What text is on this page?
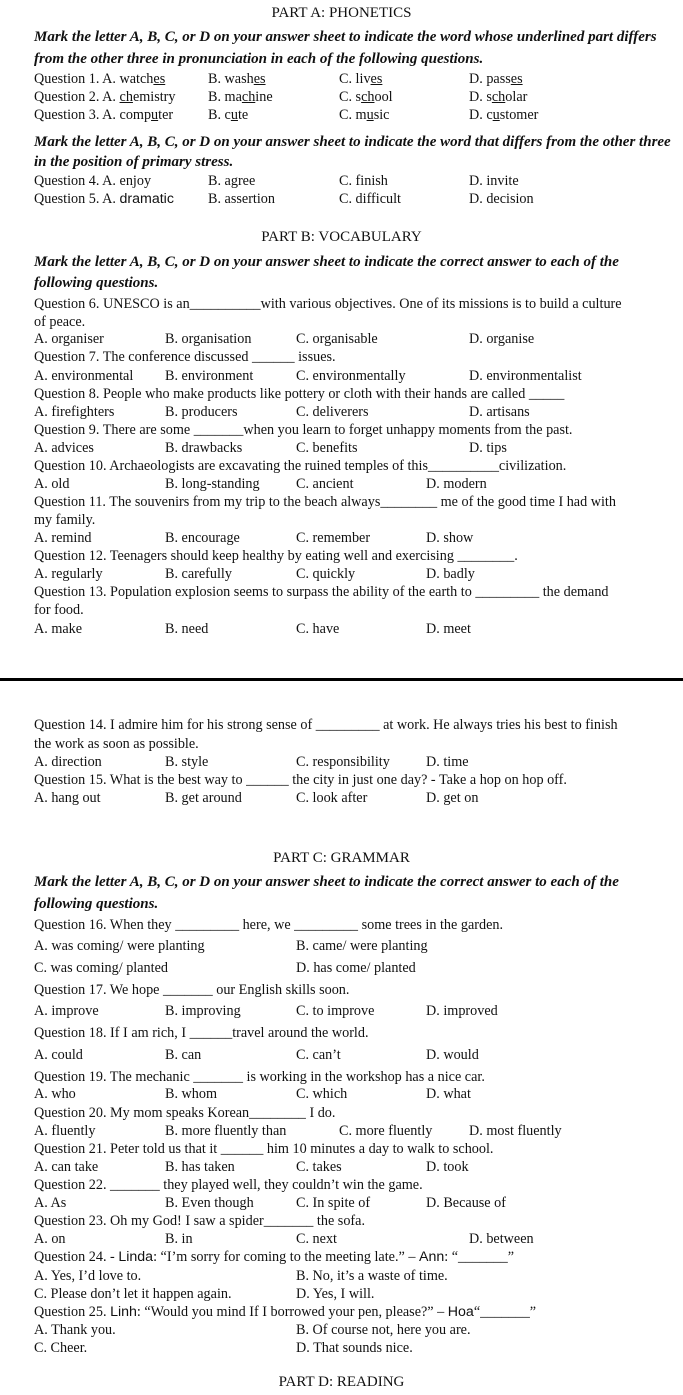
PART A: PHONETICS
Mark the letter A, B, C, or D on your answer sheet to indicate the word whose underlined part differs
from the other three in pronunciation in each of the following questions.
Question 1. A. watches	B. washes	C. lives	D. passes
Question 2. A. chemistry B. machine	C. school	D. scholar
Question 3. A. computer B. cute	C. music	D. customer
Mark the letter A, B, C, or D on your answer sheet to indicate the word that differs from the other three
in the position of primary stress.
Question 4. A. enjoy	B. agree	C. finish	D. invite
Question 5. A. dramatic B. assertion	C. difficult	D. decision
PART B: VOCABULARY
Mark the letter A, B, C, or D on your answer sheet to indicate the correct answer to each of the
following questions.
Question 6. UNESCO is an__________with various objectives. One of its missions is to build a culture
of peace.
A. organiser	B. organisation	C. organisable	D. organise
Question 7. The conference discussed ______ issues.
A. environmental B. environment	C. environmentally	D. environmentalist
Question 8. People who make products like pottery or cloth with their hands are called _____
A. firefighters	B. producers	C. deliverers	D. artisans
Question 9. There are some _______when you learn to forget unhappy moments from the past.
A. advices	B. drawbacks	C. benefits	D. tips
Question 10. Archaeologists are excavating the ruined temples of this__________civilization.
A. old	B. long-standing	C. ancient	D. modern
Question 11. The souvenirs from my trip to the beach always________ me of the good time I had with
my family.
A. remind	B. encourage	C. remember	D. show
Question 12. Teenagers should keep healthy by eating well and exercising ________.
A. regularly	B. carefully	C. quickly	D. badly
Question 13. Population explosion seems to surpass the ability of the earth to _________ the demand
for food.
A. make	B. need	C. have	D. meet
Question 14. I admire him for his strong sense of _________ at work. He always tries his best to finish
the work as soon as possible.
A. direction	B. style	C. responsibility	D. time
Question 15. What is the best way to ______ the city in just one day? - Take a hop on hop off.
A. hang out	B. get around	C. look after	D. get on
PART C: GRAMMAR
Mark the letter A, B, C, or D on your answer sheet to indicate the correct answer to each of the
following questions.
Question 16. When they _________ here, we _________ some trees in the garden.
A. was coming/ were planting	B. came/ were planting
C. was coming/ planted	D. has come/ planted
Question 17. We hope _______ our English skills soon.
A. improve	B. improving	C. to improve	D. improved
Question 18. If I am rich, I ______travel around the world.
A. could	B. can	C. can’t	D. would
Question 19. The mechanic _______ is working in the workshop has a nice car.
A. who	B. whom	C. which	D. what
Question 20. My mom speaks Korean________ I do.
A. fluently	B. more fluently than	C. more fluently	D. most fluently
Question 21. Peter told us that it ______ him 10 minutes a day to walk to school.
A. can take	B. has taken	C. takes	D. took
Question 22. _______ they played well, they couldn’t win the game.
A. As	B. Even though	C. In spite of	D. Because of
Question 23. Oh my God! I saw a spider_______ the sofa.
A. on	B. in	C. next	D. between
Question 24. - Linda: “I’m sorry for coming to the meeting late.” – Ann: “_______”
A. Yes, I’d love to.	B. No, it’s a waste of time.
C. Please don’t let it happen again.	D. Yes, I will.
Question 25. Linh: “Would you mind If I borrowed your pen, please?” – Hoa“_______”
A. Thank you.	B. Of course not, here you are.
C. Cheer.	D. That sounds nice.
PART D: READING
